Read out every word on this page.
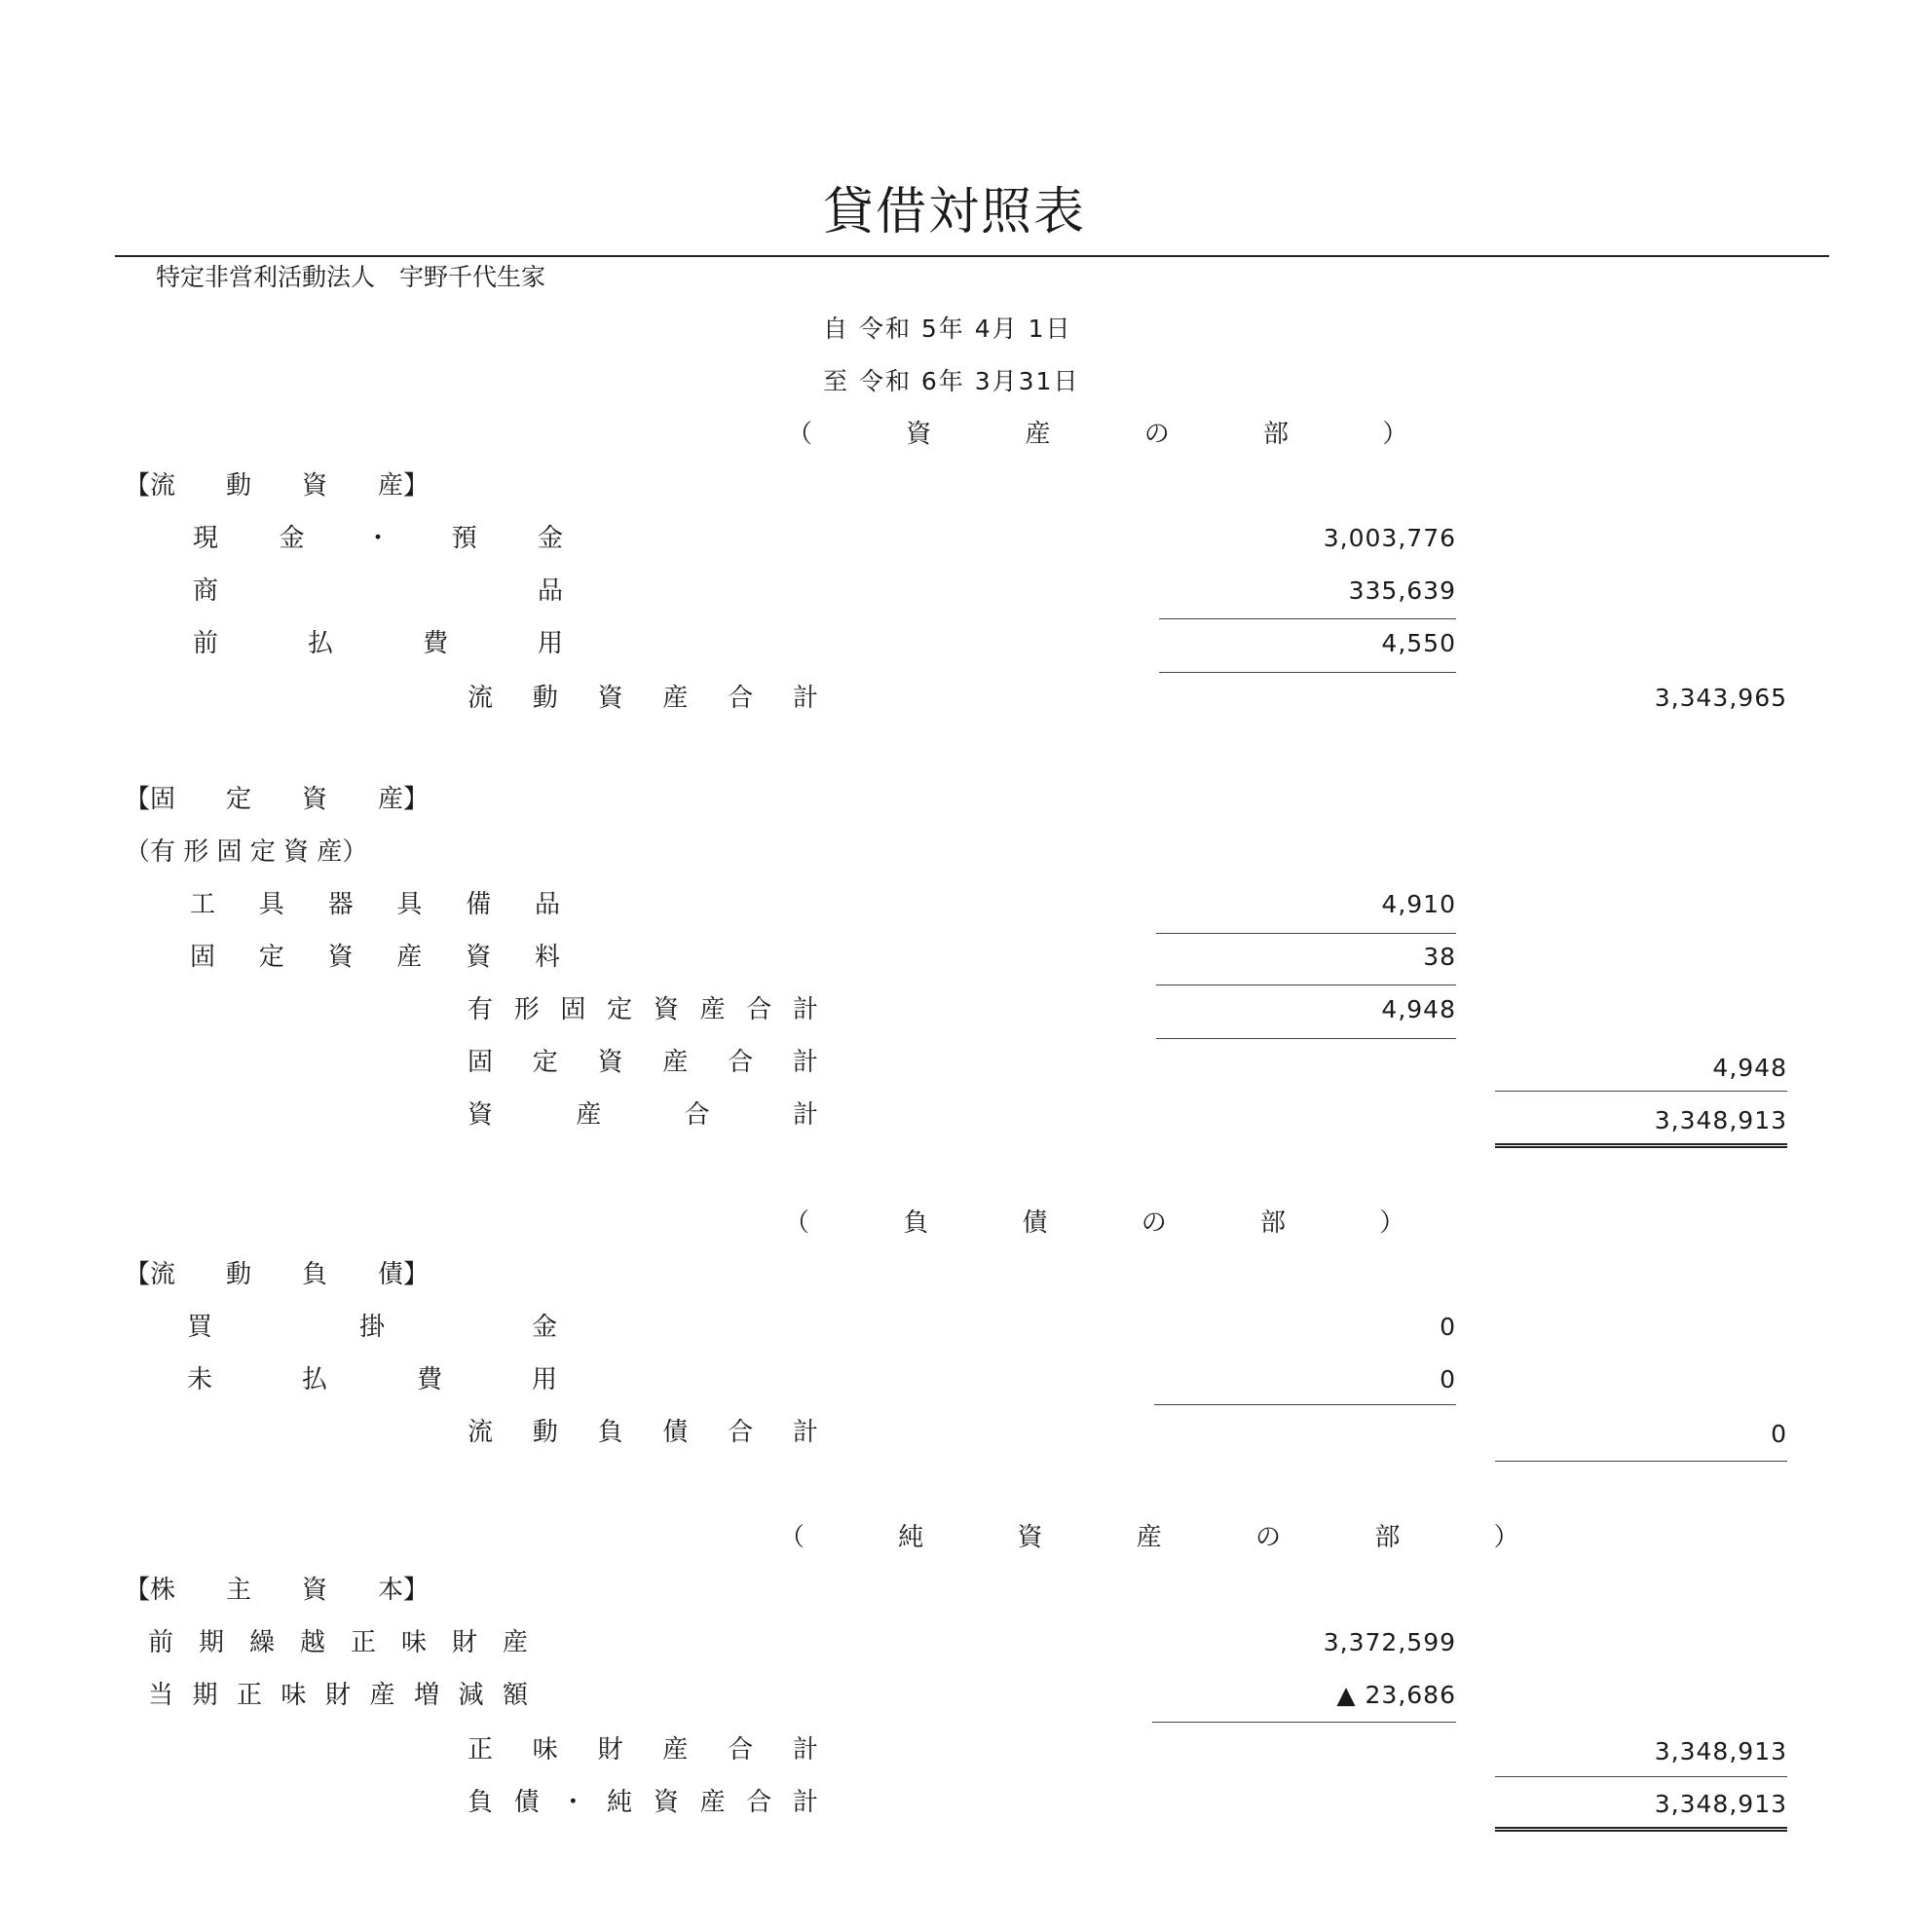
貸借対照表
特定非営利活動法人　宇野千代生家
自 令和 5年 4月 1日
至 令和 6年 3月31日
（ 資 産 の 部 ）
【流　　動　　資　　産】
現　金　・　預　金	3,003,776
商　　　　　　　品	335,639
前　払　費　用	4,550
流 動 資 産 合 計	3,343,965
【固　　定　　資　　産】
（有 形 固 定 資 産）
工 具 器 具 備 品	4,910
固 定 資 産 資 料	38
有 形 固 定 資 産 合 計	4,948
固 定 資 産 合 計	4,948
資　　産　　合　　計	3,348,913
（ 負 債 の 部 ）
【流　　動　　負　　債】
買　　掛　　金	0
未　払　費　用	0
流 動 負 債 合 計	0
（ 純 資 産 の 部 ）
【株　　主　　資　　本】
前 期 繰 越 正 味 財 産	3,372,599
当 期 正 味 財 産 増 減 額	▲ 23,686
正 味 財 産 合 計	3,348,913
負 債 ・ 純 資 産 合 計	3,348,913
